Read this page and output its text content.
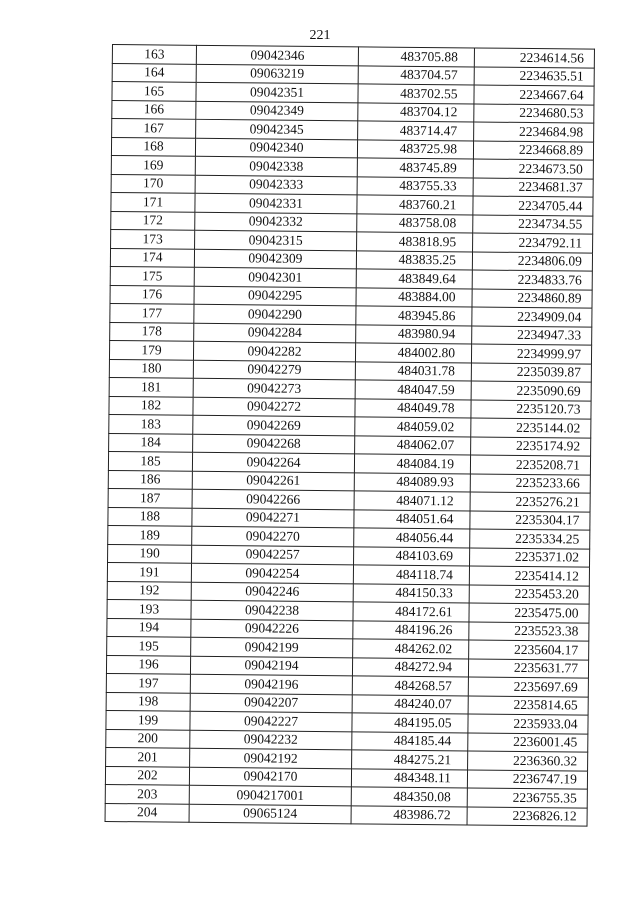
221
163	09042346	483705.88	2234614.56
164	09063219	483704.57	2234635.51
165	09042351	483702.55	2234667.64
166	09042349	483704.12	2234680.53
167	09042345	483714.47	2234684.98
168	09042340	483725.98	2234668.89
169	09042338	483745.89	2234673.50
170	09042333	483755.33	2234681.37
171	09042331	483760.21	2234705.44
172	09042332	483758.08	2234734.55
173	09042315	483818.95	2234792.11
174	09042309	483835.25	2234806.09
175	09042301	483849.64	2234833.76
176	09042295	483884.00	2234860.89
177	09042290	483945.86	2234909.04
178	09042284	483980.94	2234947.33
179	09042282	484002.80	2234999.97
180	09042279	484031.78	2235039.87
181	09042273	484047.59	2235090.69
182	09042272	484049.78	2235120.73
183	09042269	484059.02	2235144.02
184	09042268	484062.07	2235174.92
185	09042264	484084.19	2235208.71
186	09042261	484089.93	2235233.66
187	09042266	484071.12	2235276.21
188	09042271	484051.64	2235304.17
189	09042270	484056.44	2235334.25
190	09042257	484103.69	2235371.02
191	09042254	484118.74	2235414.12
192	09042246	484150.33	2235453.20
193	09042238	484172.61	2235475.00
194	09042226	484196.26	2235523.38
195	09042199	484262.02	2235604.17
196	09042194	484272.94	2235631.77
197	09042196	484268.57	2235697.69
198	09042207	484240.07	2235814.65
199	09042227	484195.05	2235933.04
200	09042232	484185.44	2236001.45
201	09042192	484275.21	2236360.32
202	09042170	484348.11	2236747.19
203	0904217001	484350.08	2236755.35
204	09065124	483986.72	2236826.12
